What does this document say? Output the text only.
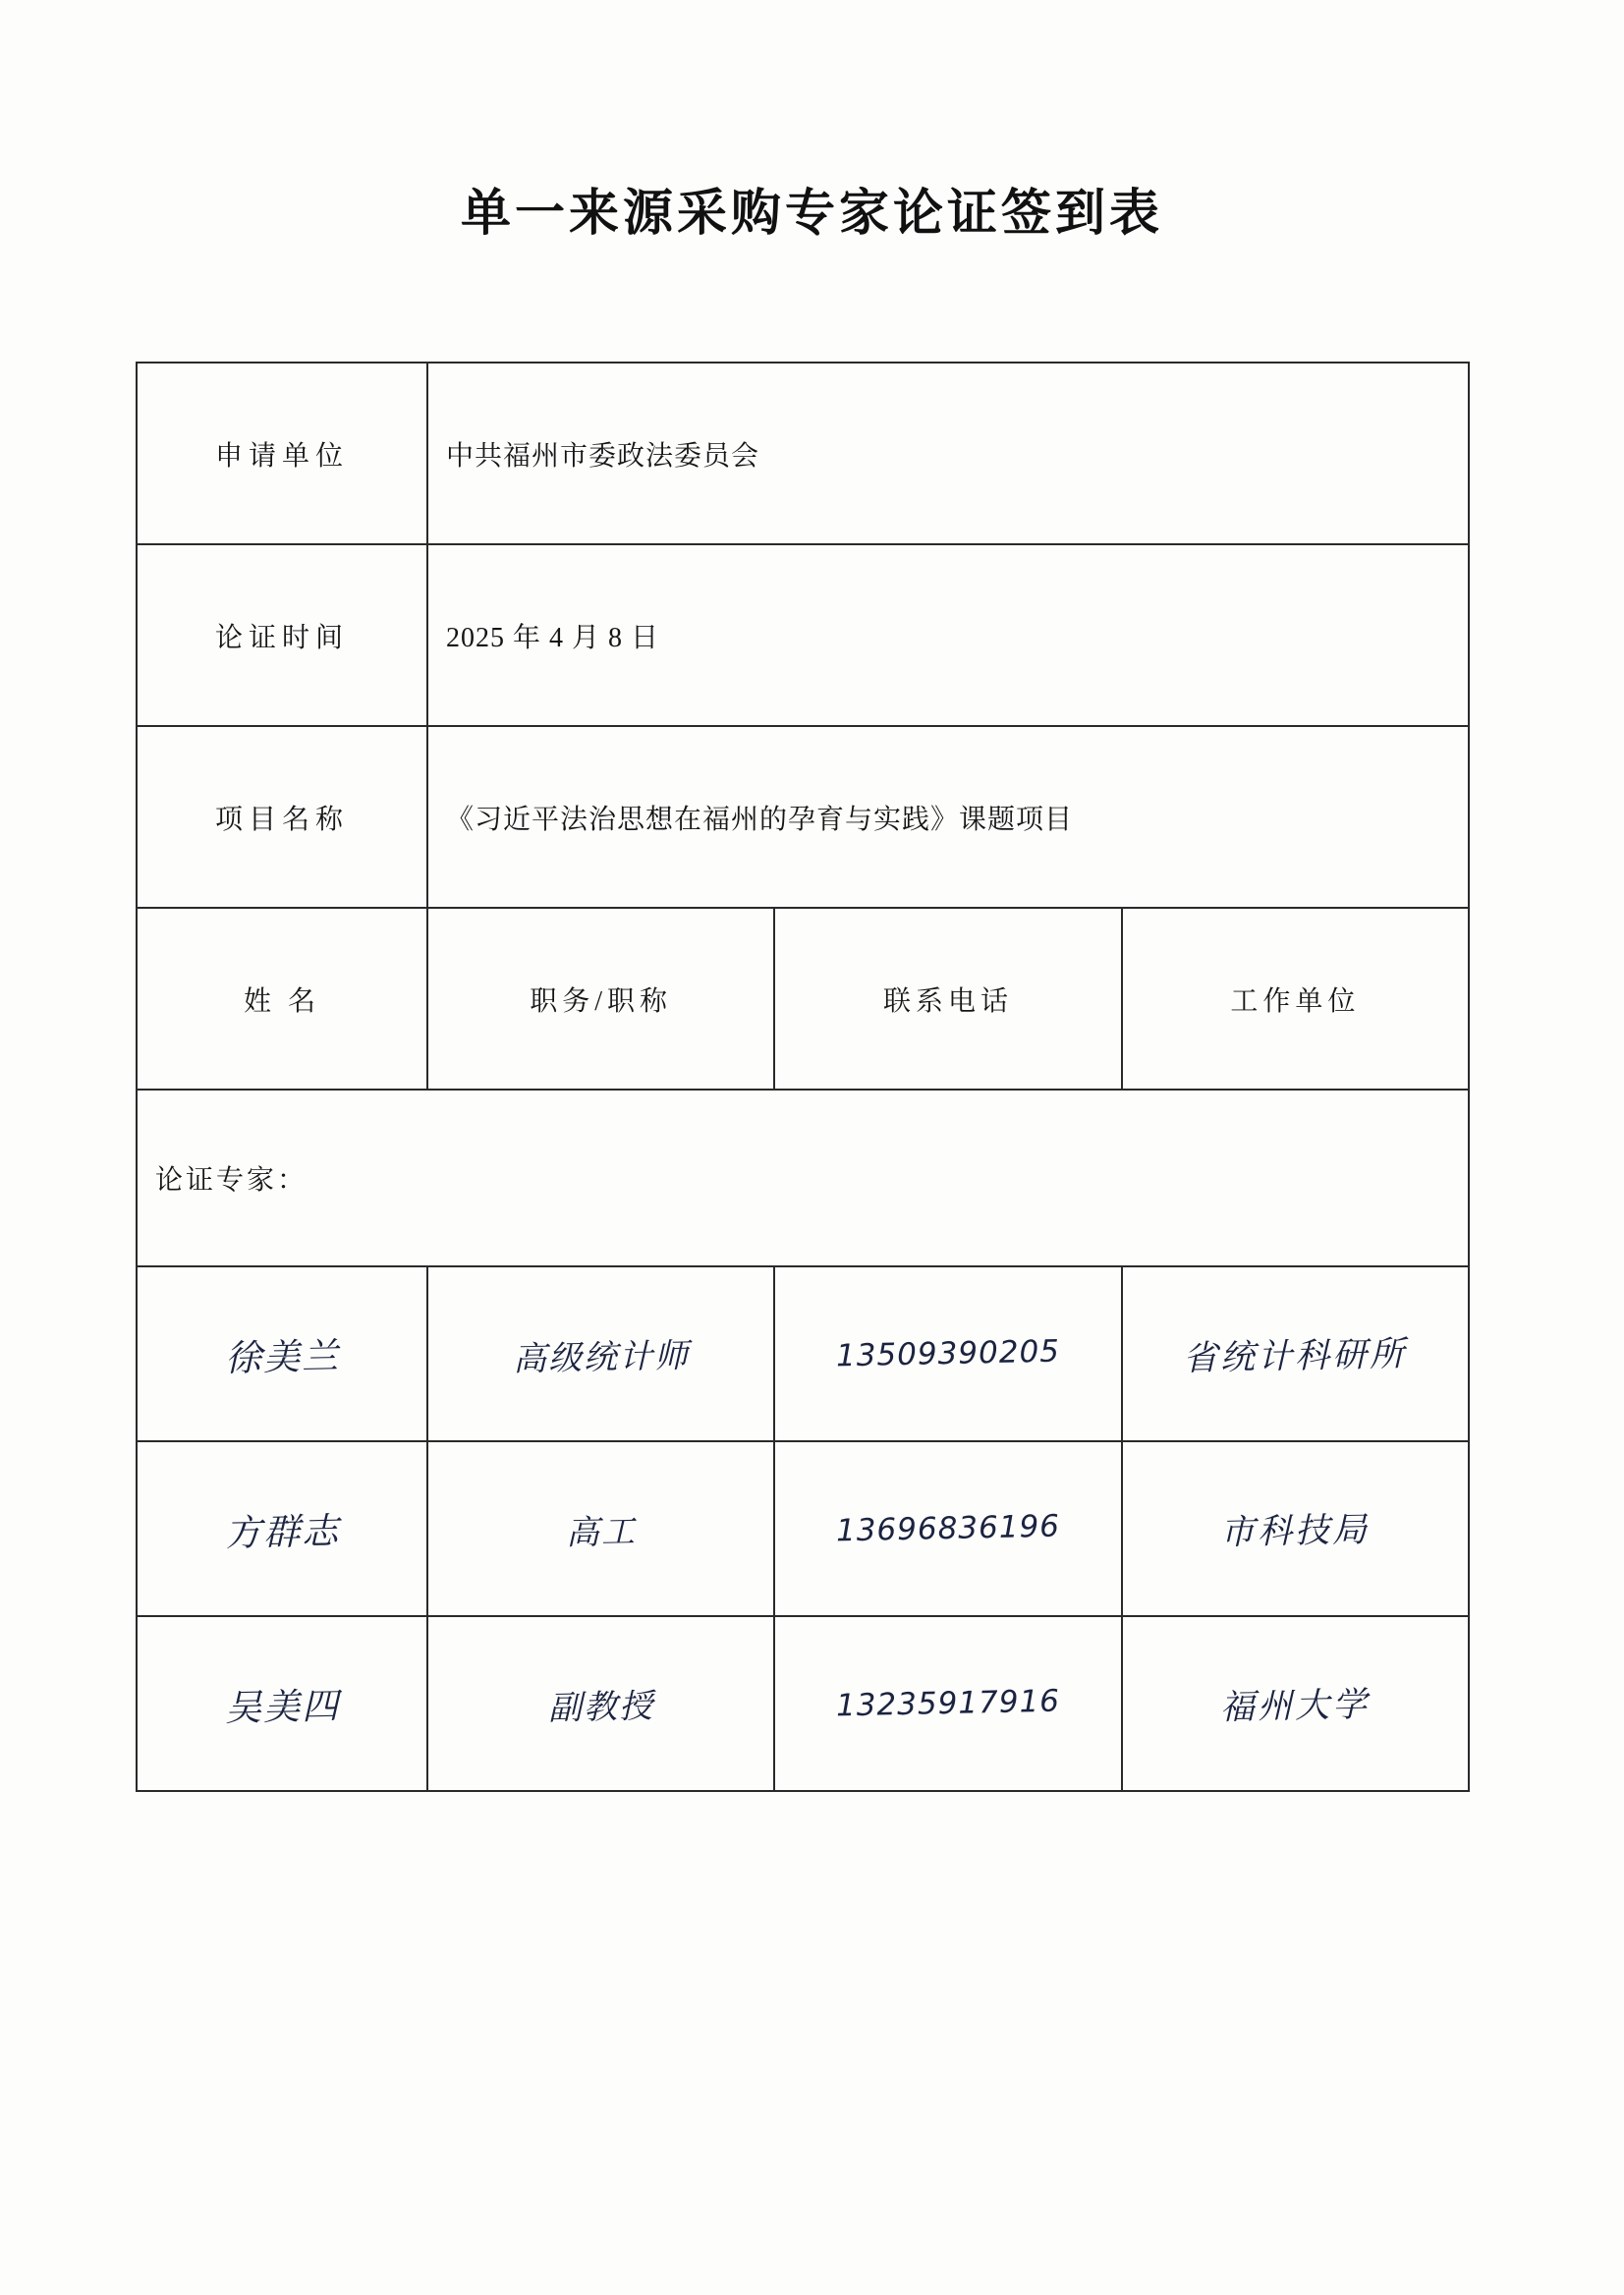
单一来源采购专家论证签到表
申请单位	中共福州市委政法委员会		
论证时间	2025 年 4 月 8 日		
项目名称	《习近平法治思想在福州的孕育与实践》课题项目		
姓 名	职务/职称	联系电话	工作单位
论证专家：			

徐美兰	高级统计师	13509390205	省统计科研所

方群志	高工	13696836196	市科技局

吴美四	副教授	13235917916	福州大学
